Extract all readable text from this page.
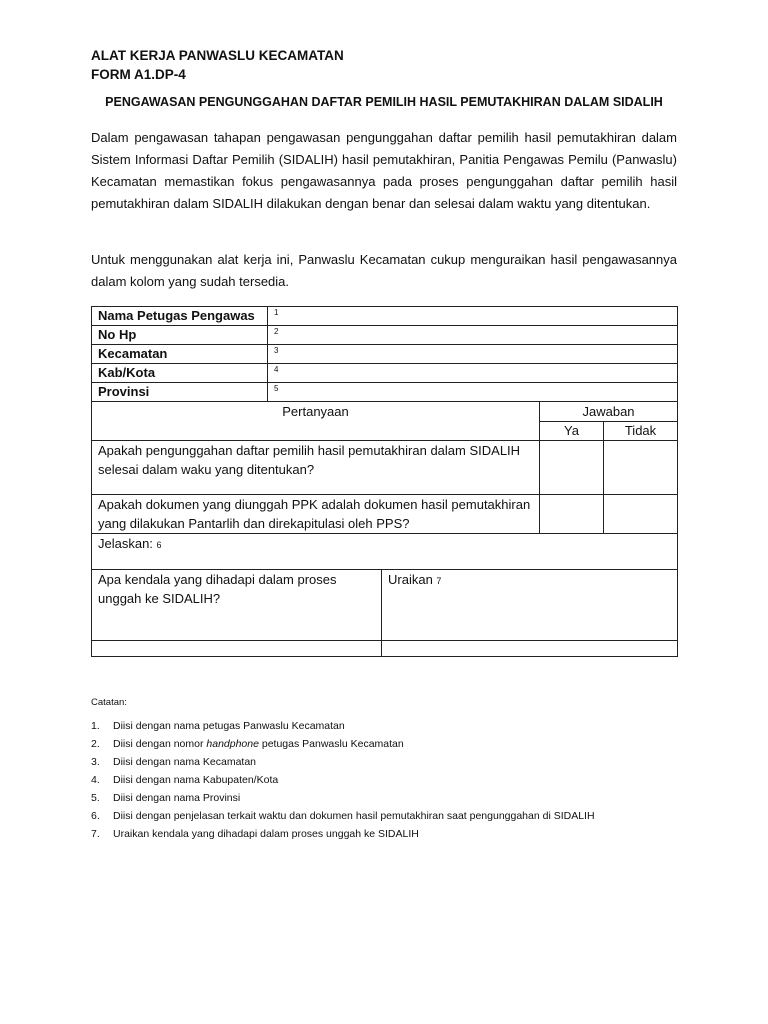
ALAT KERJA PANWASLU KECAMATAN
FORM A1.DP-4
PENGAWASAN PENGUNGGAHAN DAFTAR PEMILIH HASIL PEMUTAKHIRAN DALAM SIDALIH
Dalam pengawasan tahapan pengawasan pengunggahan daftar pemilih hasil pemutakhiran dalam Sistem Informasi Daftar Pemilih (SIDALIH) hasil pemutakhiran, Panitia Pengawas Pemilu (Panwaslu) Kecamatan memastikan fokus pengawasannya pada proses pengunggahan daftar pemilih hasil pemutakhiran dalam SIDALIH dilakukan dengan benar dan selesai dalam waktu yang ditentukan.
Untuk menggunakan alat kerja ini, Panwaslu Kecamatan cukup menguraikan hasil pengawasannya dalam kolom yang sudah tersedia.
Nama Petugas Pengawas	$^1$
No Hp	$^2$
Kecamatan	$^3$
Kab/Kota	$^4$
Provinsi	$^5$
Pertanyaan			Jawaban	
			Ya	Tidak
Apakah pengunggahan daftar pemilih hasil pemutakhiran dalam SIDALIH selesai dalam waku yang ditentukan?				
Apakah dokumen yang diunggah PPK adalah dokumen hasil pemutakhiran yang dilakukan Pantarlih dan direkapitulasi oleh PPS?				
Jelaskan: 6				
Apa kendala yang dihadapi dalam proses unggah ke SIDALIH?		Uraikan 7		

Catatan:
1. Diisi dengan nama petugas Panwaslu Kecamatan
2. Diisi dengan nomor handphone petugas Panwaslu Kecamatan
3. Diisi dengan nama Kecamatan
4. Diisi dengan nama Kabupaten/Kota
5. Diisi dengan nama Provinsi
6. Diisi dengan penjelasan terkait waktu dan dokumen hasil pemutakhiran saat pengunggahan di SIDALIH
7. Uraikan kendala yang dihadapi dalam proses unggah ke SIDALIH
